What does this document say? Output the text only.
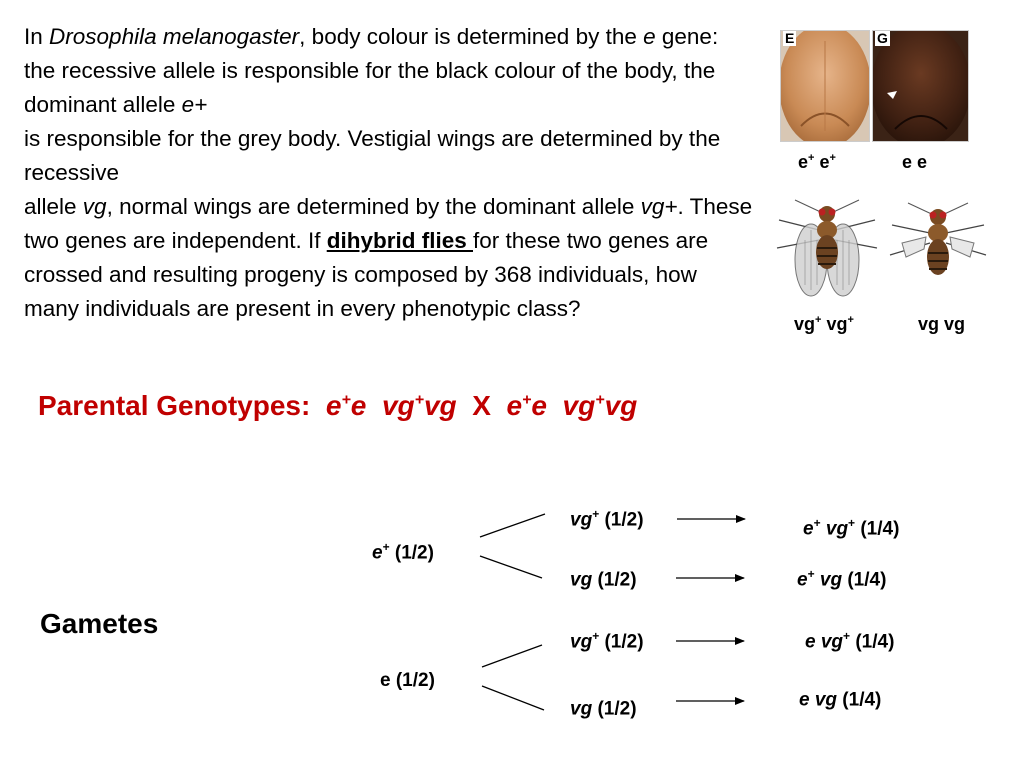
In Drosophila melanogaster, body colour is determined by the e gene: the recessive allele is responsible for the black colour of the body, the dominant allele e+

is responsible for the grey body. Vestigial wings are determined by the recessive

allele vg, normal wings are determined by the dominant allele vg+. These two genes are independent. If dihybrid flies for these two genes are crossed and resulting progeny is composed by 368 individuals, how many individuals are present in every phenotypic class?

E	G
e+ e+	e e
vg+ vg+	vg vg
Parental Genotypes: e+e vg+vg X e+e vg+vg
Gametes
e+ (1/2)
e (1/2)
vg+ (1/2)
vg (1/2)
vg+ (1/2)
vg (1/2)
e+ vg+ (1/4)
e+ vg (1/4)
e vg+ (1/4)
e vg (1/4)
